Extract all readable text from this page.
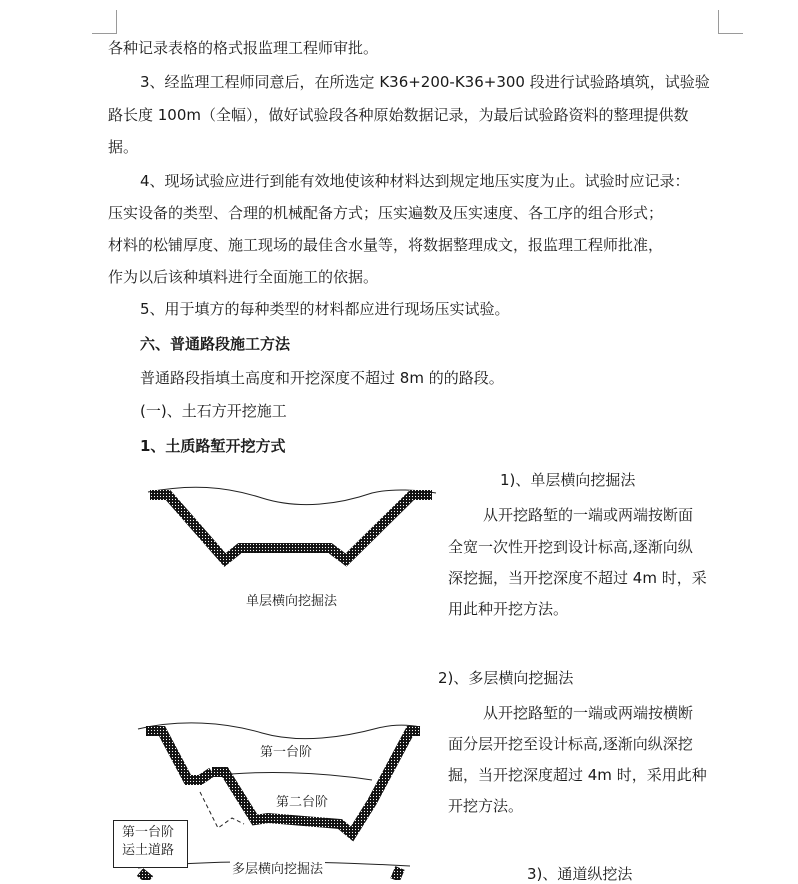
各种记录表格的格式报监理工程师审批。
3、经监理工程师同意后，在所选定 K36+200-K36+300 段进行试验路填筑，试验验
路长度 100m（全幅），做好试验段各种原始数据记录，为最后试验路资料的整理提供数
据。
4、现场试验应进行到能有效地使该种材料达到规定地压实度为止。试验时应记录：
压实设备的类型、合理的机械配备方式；压实遍数及压实速度、各工序的组合形式；
材料的松铺厚度、施工现场的最佳含水量等，将数据整理成文，报监理工程师批准，
作为以后该种填料进行全面施工的依据。
5、用于填方的每种类型的材料都应进行现场压实试验。
六、普通路段施工方法
普通路段指填土高度和开挖深度不超过 8m 的的路段。
(一)、土石方开挖施工
1、土质路堑开挖方式
单层横向挖掘法
1)、单层横向挖掘法
从开挖路堑的一端或两端按断面
全宽一次性开挖到设计标高,逐渐向纵
深挖掘，当开挖深度不超过 4m 时，采
用此种开挖方法。
2)、多层横向挖掘法
从开挖路堑的一端或两端按横断
面分层开挖至设计标高,逐渐向纵深挖
掘，当开挖深度超过 4m 时，采用此种
开挖方法。
第一台阶
第二台阶
第一台阶
运土道路
多层横向挖掘法	3)、通道纵挖法
